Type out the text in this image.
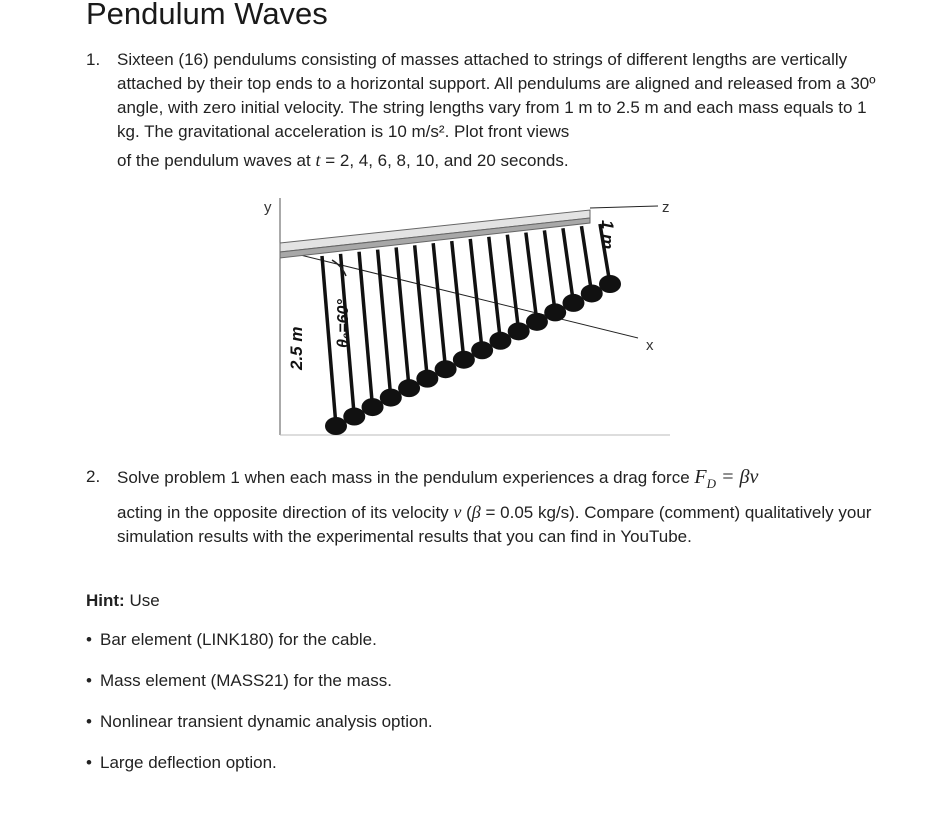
Pendulum Waves
1. Sixteen (16) pendulums consisting of masses attached to strings of different lengths are vertically attached by their top ends to a horizontal support. All pendulums are aligned and released from a 30º angle, with zero initial velocity. The string lengths vary from 1 m to 2.5 m and each mass equals to 1 kg. The gravitational acceleration is 10 m/s². Plot front views
of the pendulum waves at t = 2, 4, 6, 8, 10, and 20 seconds.
y	z
x
θ₀=60°
2.5 m
1 m
2. Solve problem 1 when each mass in the pendulum experiences a drag force $F_D = \beta v$
acting in the opposite direction of its velocity v (β = 0.05 kg/s). Compare (comment) qualitatively your simulation results with the experimental results that you can find in YouTube.
Hint: Use
• Bar element (LINK180) for the cable.
• Mass element (MASS21) for the mass.
• Nonlinear transient dynamic analysis option.
• Large deflection option.
